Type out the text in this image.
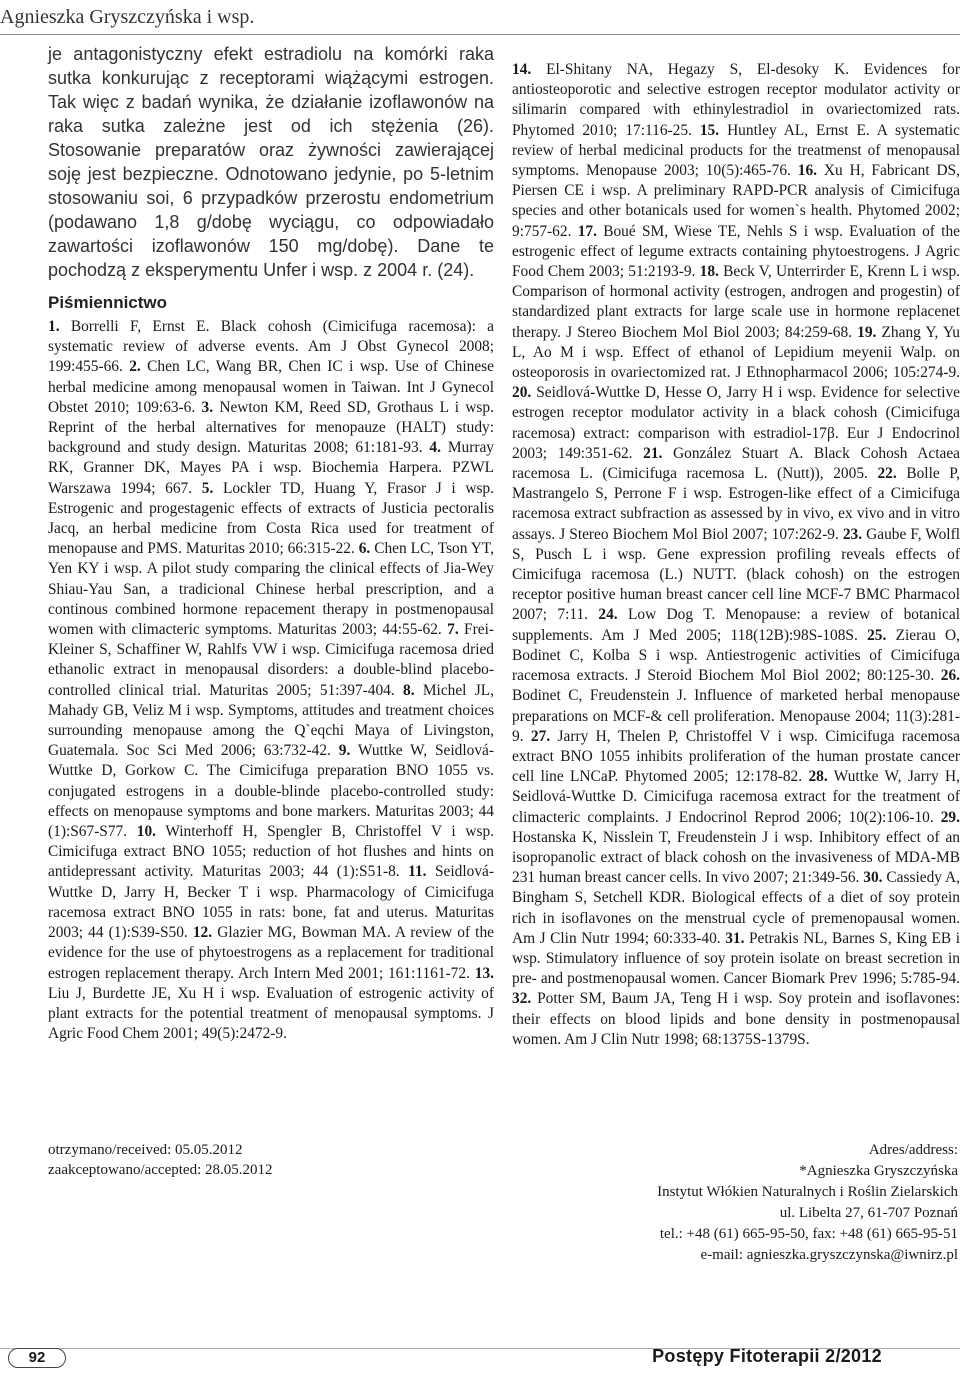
Agnieszka Gryszczyńska i wsp.

je antagonistyczny efekt estradiolu na komórki raka sutka konkurując z receptorami wiążącymi estrogen. Tak więc z badań wynika, że działanie izoflawonów na raka sutka zależne jest od ich stężenia (26). Stosowanie preparatów oraz żywności zawierającej soję jest bezpieczne. Odnotowano jedynie, po 5-letnim stosowaniu soi, 6 przypadków przerostu endometrium (podawano 1,8 g/dobę wyciągu, co odpowiadało zawartości izoflawonów 150 mg/dobę). Dane te pochodzą z eksperymentu Unfer i wsp. z 2004 r. (24).

Piśmiennictwo

1. Borrelli F, Ernst E. Black cohosh (Cimicifuga racemosa): a systematic review of adverse events. Am J Obst Gynecol 2008; 199:455-66. 2. Chen LC, Wang BR, Chen IC i wsp. Use of Chinese herbal medicine among menopausal women in Taiwan. Int J Gynecol Obstet 2010; 109:63-6. 3. Newton KM, Reed SD, Grothaus L i wsp. Reprint of the herbal alternatives for menopauze (HALT) study: background and study design. Maturitas 2008; 61:181-93. 4. Murray RK, Granner DK, Mayes PA i wsp. Biochemia Harpera. PZWL Warszawa 1994; 667. 5. Lockler TD, Huang Y, Frasor J i wsp. Estrogenic and progestagenic effects of extracts of Justicia pectoralis Jacq, an herbal medicine from Costa Rica used for treatment of menopause and PMS. Maturitas 2010; 66:315-22. 6. Chen LC, Tson YT, Yen KY i wsp. A pilot study comparing the clinical effects of Jia-Wey Shiau-Yau San, a tradicional Chinese herbal prescription, and a continous combined hormone repacement therapy in postmenopausal women with climacteric symptoms. Maturitas 2003; 44:55-62. 7. Frei-Kleiner S, Schaffiner W, Rahlfs VW i wsp. Cimicifuga racemosa dried ethanolic extract in menopausal disorders: a double-blind placebo-controlled clinical trial. Maturitas 2005; 51:397-404. 8. Michel JL, Mahady GB, Veliz M i wsp. Symptoms, attitudes and treatment choices surrounding menopause among the Q`eqchi Maya of Livingston, Guatemala. Soc Sci Med 2006; 63:732-42. 9. Wuttke W, Seidlová-Wuttke D, Gorkow C. The Cimicifuga preparation BNO 1055 vs. conjugated estrogens in a double-blinde placebo-controlled study: effects on menopause symptoms and bone markers. Maturitas 2003; 44 (1):S67-S77. 10. Winterhoff H, Spengler B, Christoffel V i wsp. Cimicifuga extract BNO 1055; reduction of hot flushes and hints on antidepressant activity. Maturitas 2003; 44 (1):S51-8. 11. Seidlová-Wuttke D, Jarry H, Becker T i wsp. Pharmacology of Cimicifuga racemosa extract BNO 1055 in rats: bone, fat and uterus. Maturitas 2003; 44 (1):S39-S50. 12. Glazier MG, Bowman MA. A review of the evidence for the use of phytoestrogens as a replacement for traditional estrogen replacement therapy. Arch Intern Med 2001; 161:1161-72. 13. Liu J, Burdette JE, Xu H i wsp. Evaluation of estrogenic activity of plant extracts for the potential treatment of menopausal symptoms. J Agric Food Chem 2001; 49(5):2472-9.

14. El-Shitany NA, Hegazy S, El-desoky K. Evidences for antiosteoporotic and selective estrogen receptor modulator activity or silimarin compared with ethinylestradiol in ovariectomized rats. Phytomed 2010; 17:116-25. 15. Huntley AL, Ernst E. A systematic review of herbal medicinal products for the treatmenst of menopausal symptoms. Menopause 2003; 10(5):465-76. 16. Xu H, Fabricant DS, Piersen CE i wsp. A preliminary RAPD-PCR analysis of Cimicifuga species and other botanicals used for women`s health. Phytomed 2002; 9:757-62. 17. Boué SM, Wiese TE, Nehls S i wsp. Evaluation of the estrogenic effect of legume extracts containing phytoestrogens. J Agric Food Chem 2003; 51:2193-9. 18. Beck V, Unterrirder E, Krenn L i wsp. Comparison of hormonal activity (estrogen, androgen and progestin) of standardized plant extracts for large scale use in hormone replacenet therapy. J Stereo Biochem Mol Biol 2003; 84:259-68. 19. Zhang Y, Yu L, Ao M i wsp. Effect of ethanol of Lepidium meyenii Walp. on osteoporosis in ovariectomized rat. J Ethnopharmacol 2006; 105:274-9. 20. Seidlová-Wuttke D, Hesse O, Jarry H i wsp. Evidence for selective estrogen receptor modulator activity in a black cohosh (Cimicifuga racemosa) extract: comparison with estradiol-17β. Eur J Endocrinol 2003; 149:351-62. 21. González Stuart A. Black Cohosh Actaea racemosa L. (Cimicifuga racemosa L. (Nutt)), 2005. 22. Bolle P, Mastrangelo S, Perrone F i wsp. Estrogen-like effect of a Cimicifuga racemosa extract subfraction as assessed by in vivo, ex vivo and in vitro assays. J Stereo Biochem Mol Biol 2007; 107:262-9. 23. Gaube F, Wolfl S, Pusch L i wsp. Gene expression profiling reveals effects of Cimicifuga racemosa (L.) NUTT. (black cohosh) on the estrogen receptor positive human breast cancer cell line MCF-7 BMC Pharmacol 2007; 7:11. 24. Low Dog T. Menopause: a review of botanical supplements. Am J Med 2005; 118(12B):98S-108S. 25. Zierau O, Bodinet C, Kolba S i wsp. Antiestrogenic activities of Cimicifuga racemosa extracts. J Steroid Biochem Mol Biol 2002; 80:125-30. 26. Bodinet C, Freudenstein J. Influence of marketed herbal menopause preparations on MCF-& cell proliferation. Menopause 2004; 11(3):281-9. 27. Jarry H, Thelen P, Christoffel V i wsp. Cimicifuga racemosa extract BNO 1055 inhibits proliferation of the human prostate cancer cell line LNCaP. Phytomed 2005; 12:178-82. 28. Wuttke W, Jarry H, Seidlová-Wuttke D. Cimicifuga racemosa extract for the treatment of climacteric complaints. J Endocrinol Reprod 2006; 10(2):106-10. 29. Hostanska K, Nisslein T, Freudenstein J i wsp. Inhibitory effect of an isopropanolic extract of black cohosh on the invasiveness of MDA-MB 231 human breast cancer cells. In vivo 2007; 21:349-56. 30. Cassiedy A, Bingham S, Setchell KDR. Biological effects of a diet of soy protein rich in isoflavones on the menstrual cycle of premenopausal women. Am J Clin Nutr 1994; 60:333-40. 31. Petrakis NL, Barnes S, King EB i wsp. Stimulatory influence of soy protein isolate on breast secretion in pre- and postmenopausal women. Cancer Biomark Prev 1996; 5:785-94. 32. Potter SM, Baum JA, Teng H i wsp. Soy protein and isoflavones: their effects on blood lipids and bone density in postmenopausal women. Am J Clin Nutr 1998; 68:1375S-1379S.

otrzymano/received: 05.05.2012
zaakceptowano/accepted: 28.05.2012
Adres/address:
*Agnieszka Gryszczyńska
Instytut Włókien Naturalnych i Roślin Zielarskich
ul. Libelta 27, 61-707 Poznań
tel.: +48 (61) 665-95-50, fax: +48 (61) 665-95-51
e-mail: agnieszka.gryszczynska@iwnirz.pl
92	Postępy Fitoterapii 2/2012
